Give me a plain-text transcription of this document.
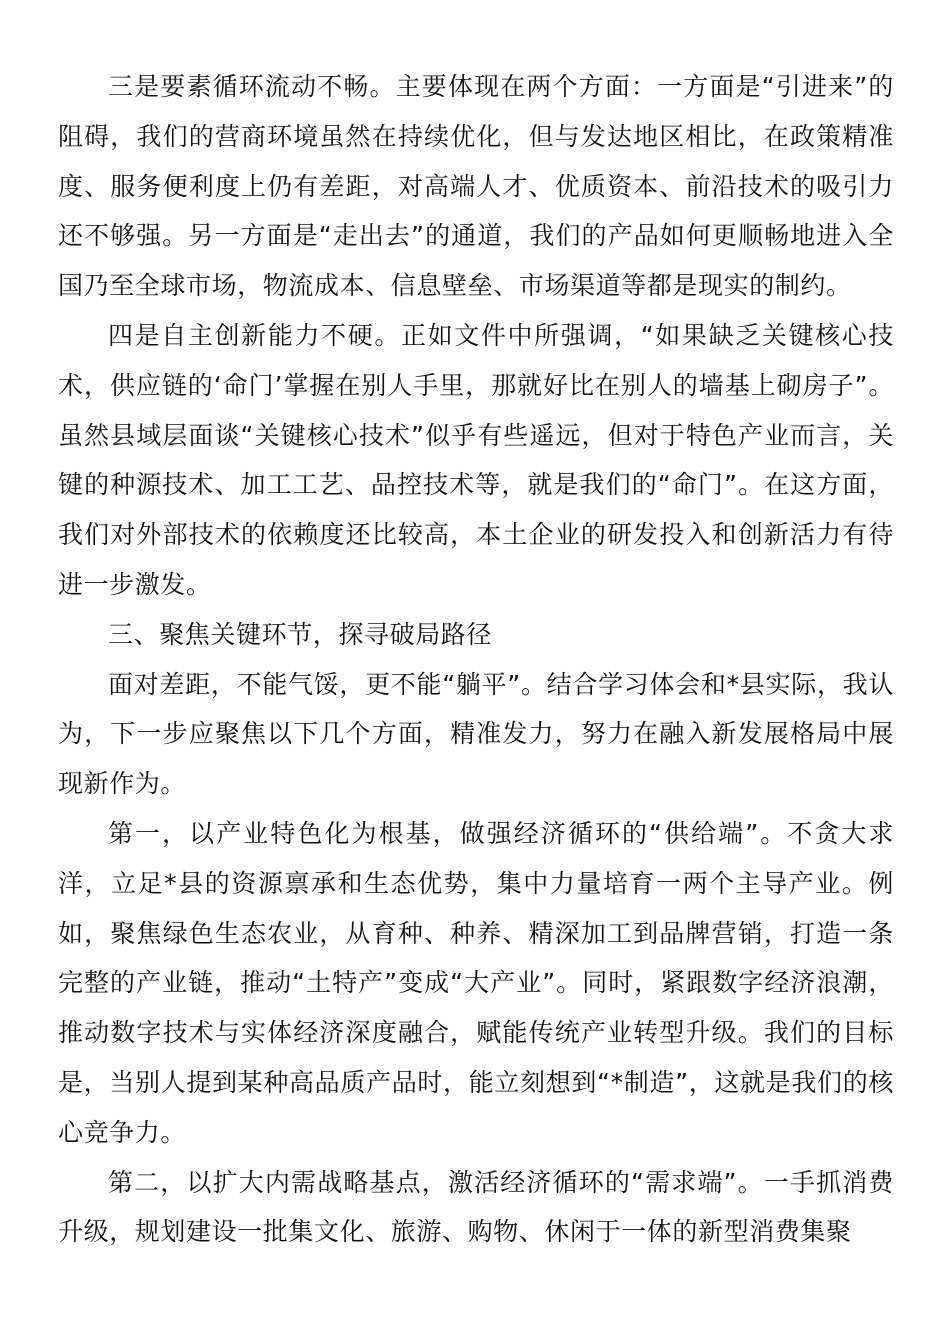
三是要素循环流动不畅。主要体现在两个方面：一方面是“引进来”的阻碍，我们的营商环境虽然在持续优化，但与发达地区相比，在政策精准度、服务便利度上仍有差距，对高端人才、优质资本、前沿技术的吸引力还不够强。另一方面是“走出去”的通道，我们的产品如何更顺畅地进入全国乃至全球市场，物流成本、信息壁垒、市场渠道等都是现实的制约。

四是自主创新能力不硬。正如文件中所强调，“如果缺乏关键核心技术，供应链的‘命门’掌握在别人手里，那就好比在别人的墙基上砌房子”。虽然县域层面谈“关键核心技术”似乎有些遥远，但对于特色产业而言，关键的种源技术、加工工艺、品控技术等，就是我们的“命门”。在这方面，我们对外部技术的依赖度还比较高，本土企业的研发投入和创新活力有待进一步激发。

三、聚焦关键环节，探寻破局路径

面对差距，不能气馁，更不能“躺平”。结合学习体会和*县实际，我认为，下一步应聚焦以下几个方面，精准发力，努力在融入新发展格局中展现新作为。

第一，以产业特色化为根基，做强经济循环的“供给端”。不贪大求洋，立足*县的资源禀承和生态优势，集中力量培育一两个主导产业。例如，聚焦绿色生态农业，从育种、种养、精深加工到品牌营销，打造一条完整的产业链，推动“土特产”变成“大产业”。同时，紧跟数字经济浪潮，推动数字技术与实体经济深度融合，赋能传统产业转型升级。我们的目标是，当别人提到某种高品质产品时，能立刻想到“*制造”，这就是我们的核心竞争力。

第二，以扩大内需战略基点，激活经济循环的“需求端”。一手抓消费升级，规划建设一批集文化、旅游、购物、休闲于一体的新型消费集聚
